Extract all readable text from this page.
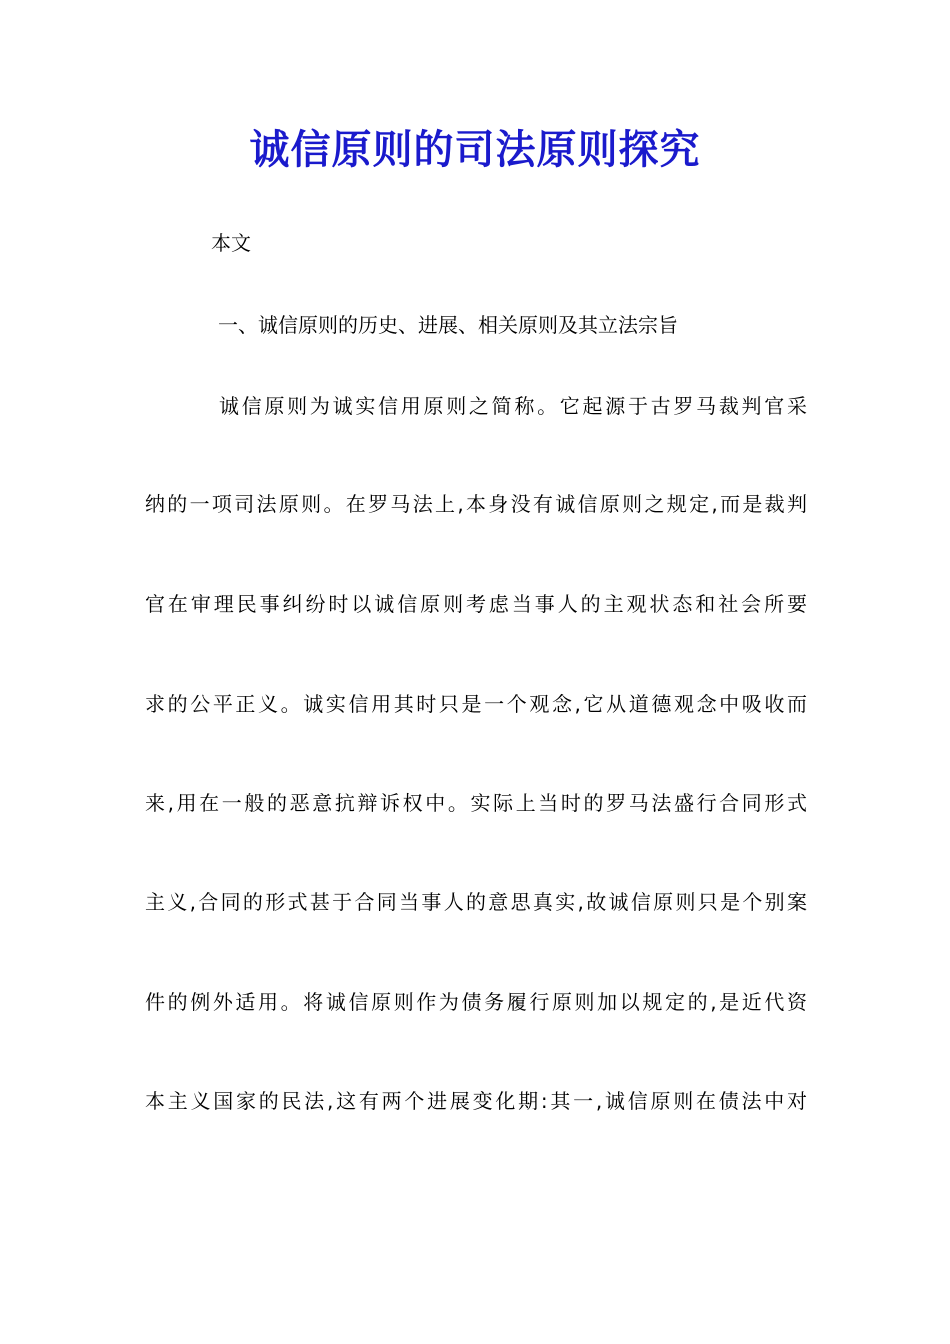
诚信原则的司法原则探究

本文

一、诚信原则的历史、进展、相关原则及其立法宗旨

诚信原则为诚实信用原则之简称。它起源于古罗马裁判官采

纳的一项司法原则。在罗马法上,本身没有诚信原则之规定,而是裁判

官在审理民事纠纷时以诚信原则考虑当事人的主观状态和社会所要

求的公平正义。诚实信用其时只是一个观念,它从道德观念中吸收而

来,用在一般的恶意抗辩诉权中。实际上当时的罗马法盛行合同形式

主义,合同的形式甚于合同当事人的意思真实,故诚信原则只是个别案

件的例外适用。将诚信原则作为债务履行原则加以规定的,是近代资

本主义国家的民法,这有两个进展变化期:其一,诚信原则在债法中对
